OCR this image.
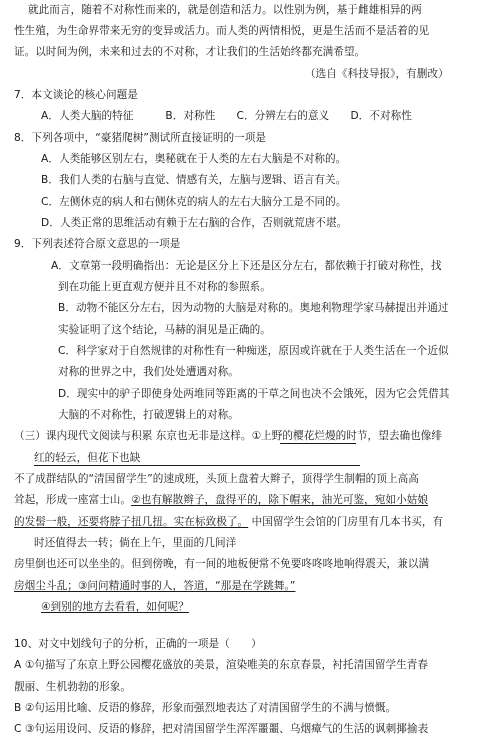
就此而言，随着不对称性而来的，就是创造和活力。以性别为例，基于雌雄相异的两
性生殖，为生命界带来无穷的变异或活力。而人类的两情相悦，更是生活而不是活着的见
证。以时间为例，未来和过去的不对称，才让我们的生活始终都充满希望。
（选自《科技导报》，有删改）
7．本文谈论的核心问题是
A．人类大脑的特征　　　B．对称性　　C．分辨左右的意义　　D．不对称性
8．下列各项中，“豪猪爬树”测试所直接证明的一项是
A．人类能够区别左右，奥秘就在于人类的左右大脑是不对称的。
B．我们人类的右脑与直觉、情感有关，左脑与逻辑、语言有关。
C．左侧休克的病人和右侧休克的病人的左右大脑分工是不同的。
D．人类正常的思维活动有赖于左右脑的合作，否则就荒唐不堪。
9．下列表述符合原文意思的一项是
A．文章第一段明确指出：无论是区分上下还是区分左右，都依赖于打破对称性，找
到在功能上更直观方便并且不对称的参照系。
B．动物不能区分左右，因为动物的大脑是对称的。奥地利物理学家马赫提出并通过
实验证明了这个结论，马赫的洞见是正确的。
C．科学家对于自然规律的对称性有一种痴迷，原因或许就在于人类生活在一个近似
对称的世界之中，我们处处遭遇对称。
D．现实中的驴子即使身处两堆同等距离的干草之间也决不会饿死，因为它会凭借其
大脑的不对称性，打破逻辑上的对称。
（三）课内现代文阅读与积累 东京也无非是这样。①上野的樱花烂熳的时节，望去确也像绯
红的轻云，但花下也缺
不了成群结队的“清国留学生”的速成班，头顶上盘着大辫子，顶得学生制帽的顶上高高
耸起，形成一座富士山。②也有解散辫子，盘得平的，除下帽来，油光可鉴，宛如小姑娘
的发髻一般，还要将脖子扭几扭。实在标致极了。 中国留学生会馆的门房里有几本书买，有
时还值得去一转；倘在上午，里面的几间洋
房里倒也还可以坐坐的。但到傍晚，有一间的地板便常不免要咚咚咚地响得震天，兼以满
房烟尘斗乱；③问问精通时事的人，答道，“那是在学跳舞。”
④到别的地方去看看，如何呢？
10、对文中划线句子的分析，正确的一项是（　　）
A ①句描写了东京上野公园樱花盛放的美景，渲染唯美的东京春景，衬托清国留学生青春
靓丽、生机勃勃的形象。
B ②句运用比喻、反语的修辞，形象而强烈地表达了对清国留学生的不满与愤慨。
C ③句运用设问、反语的修辞，把对清国留学生浑浑噩噩、乌烟瘴气的生活的讽刺揶揄表
